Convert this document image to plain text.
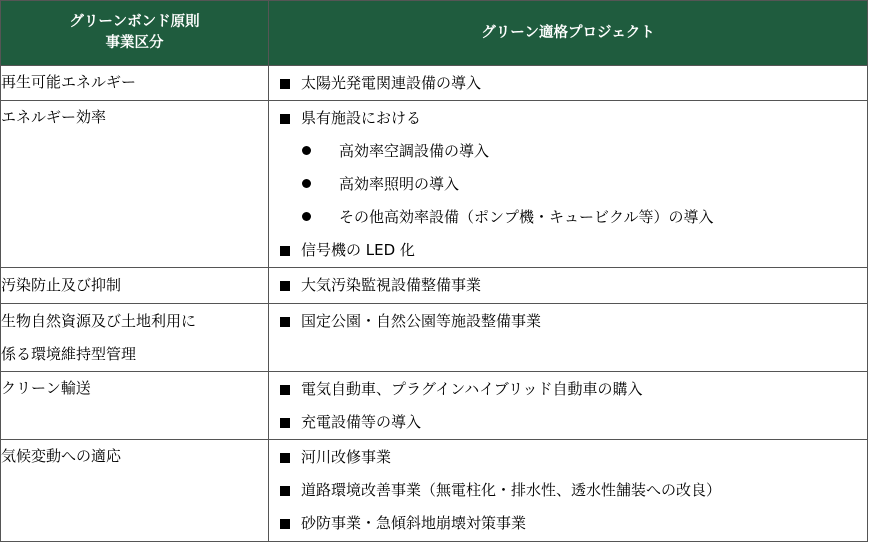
グリーンボンド原則
事業区分	グリーン適格プロジェクト
再生可能エネルギー	太陽光発電関連設備の導入

エネルギー効率	県有施設における
高効率空調設備の導入
高効率照明の導入
その他高効率設備（ポンプ機・キュービクル等）の導入
信号機の LED 化

汚染防止及び抑制	大気汚染監視設備整備事業

生物自然資源及び土地利用に
係る環境維持型管理	国定公園・自然公園等施設整備事業

クリーン輸送	電気自動車、プラグインハイブリッド自動車の購入
充電設備等の導入

気候変動への適応	河川改修事業
道路環境改善事業（無電柱化・排水性、透水性舗装への改良）
砂防事業・急傾斜地崩壊対策事業
